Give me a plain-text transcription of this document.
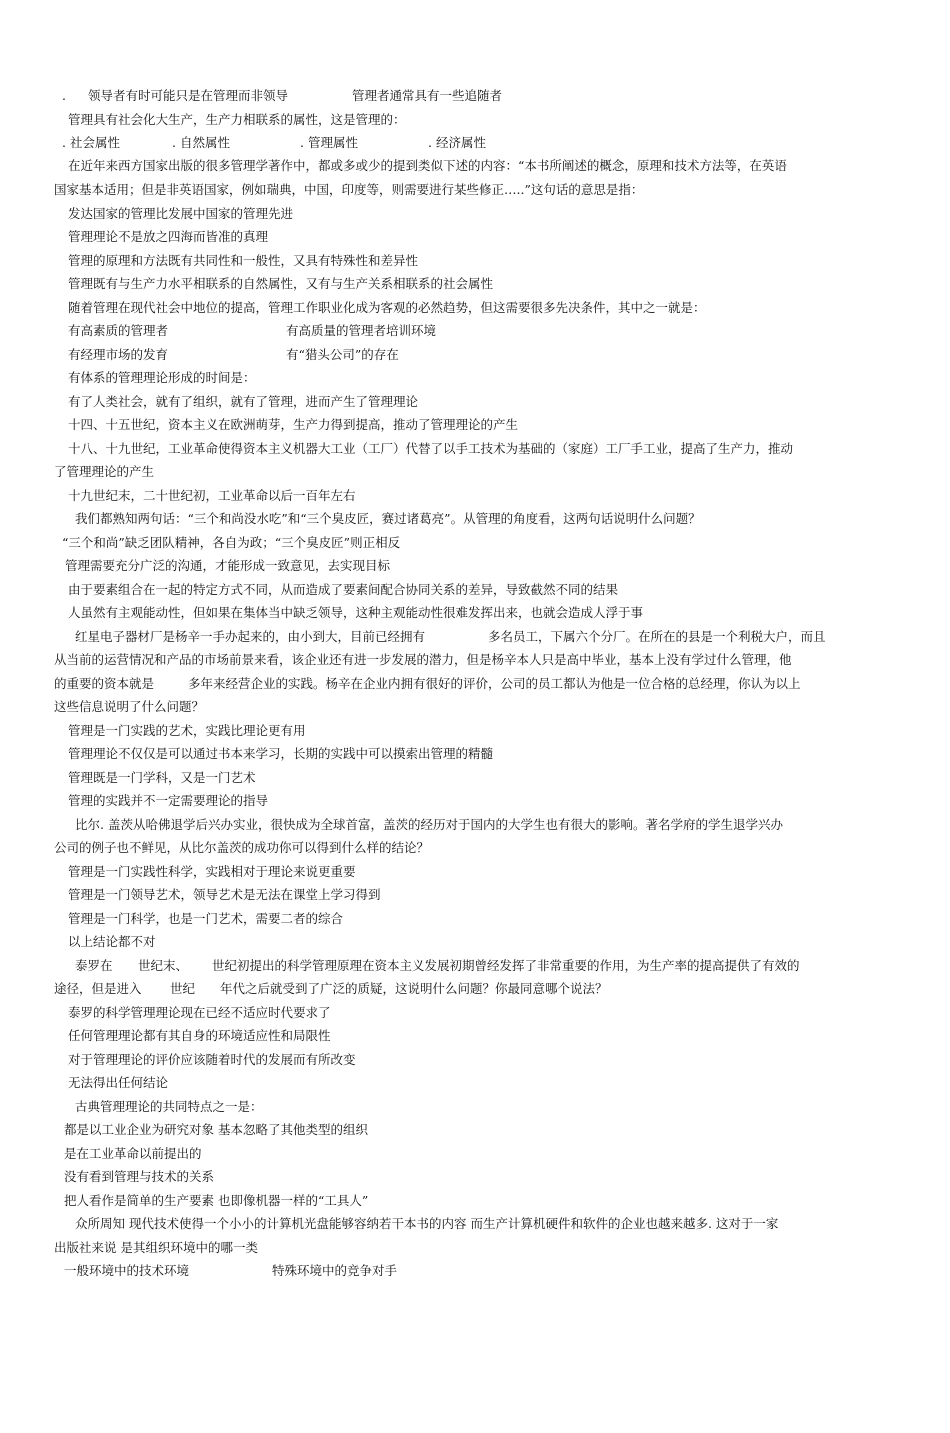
. 领导者有时可能只是在管理而非领导	管理者通常具有一些追随者
管理具有社会化大生产，生产力相联系的属性，这是管理的：
. 社会属性	. 自然属性	. 管理属性	. 经济属性
在近年来西方国家出版的很多管理学著作中，都或多或少的提到类似下述的内容：“本书所阐述的概念，原理和技术方法等，在英语
国家基本适用；但是非英语国家，例如瑞典，中国，印度等，则需要进行某些修正…..”这句话的意思是指：
发达国家的管理比发展中国家的管理先进
管理理论不是放之四海而皆准的真理
管理的原理和方法既有共同性和一般性，又具有特殊性和差异性
管理既有与生产力水平相联系的自然属性，又有与生产关系相联系的社会属性
随着管理在现代社会中地位的提高，管理工作职业化成为客观的必然趋势，但这需要很多先决条件，其中之一就是：
有高素质的管理者	有高质量的管理者培训环境
有经理市场的发育	有“猎头公司”的存在
有体系的管理理论形成的时间是：
有了人类社会，就有了组织，就有了管理，进而产生了管理理论
十四、十五世纪，资本主义在欧洲萌芽，生产力得到提高，推动了管理理论的产生
十八、十九世纪，工业革命使得资本主义机器大工业（工厂）代替了以手工技术为基础的（家庭）工厂手工业，提高了生产力，推动
了管理理论的产生
十九世纪末，二十世纪初，工业革命以后一百年左右
我们都熟知两句话：“三个和尚没水吃”和“三个臭皮匠，赛过诸葛亮”。从管理的角度看，这两句话说明什么问题？
“三个和尚”缺乏团队精神，各自为政；“三个臭皮匠”则正相反
管理需要充分广泛的沟通，才能形成一致意见，去实现目标
由于要素组合在一起的特定方式不同，从而造成了要素间配合协同关系的差异，导致截然不同的结果
人虽然有主观能动性，但如果在集体当中缺乏领导，这种主观能动性很难发挥出来，也就会造成人浮于事
红星电子器材厂是杨辛一手办起来的，由小到大，目前已经拥有	多名员工，下属六个分厂。在所在的县是一个利税大户，而且
从当前的运营情况和产品的市场前景来看，该企业还有进一步发展的潜力，但是杨辛本人只是高中毕业，基本上没有学过什么管理，他
的重要的资本就是	多年来经营企业的实践。杨辛在企业内拥有很好的评价，公司的员工都认为他是一位合格的总经理，你认为以上
这些信息说明了什么问题？
管理是一门实践的艺术，实践比理论更有用
管理理论不仅仅是可以通过书本来学习，长期的实践中可以摸索出管理的精髓
管理既是一门学科，又是一门艺术
管理的实践并不一定需要理论的指导
比尔. 盖茨从哈佛退学后兴办实业，很快成为全球首富，盖茨的经历对于国内的大学生也有很大的影响。著名学府的学生退学兴办
公司的例子也不鲜见，从比尔盖茨的成功你可以得到什么样的结论？
管理是一门实践性科学，实践相对于理论来说更重要
管理是一门领导艺术，领导艺术是无法在课堂上学习得到
管理是一门科学，也是一门艺术，需要二者的综合
以上结论都不对
泰罗在 世纪末、 世纪初提出的科学管理原理在资本主义发展初期曾经发挥了非常重要的作用，为生产率的提高提供了有效的
途径，但是进入 世纪 年代之后就受到了广泛的质疑，这说明什么问题？你最同意哪个说法？
泰罗的科学管理理论现在已经不适应时代要求了
任何管理理论都有其自身的环境适应性和局限性
对于管理理论的评价应该随着时代的发展而有所改变
无法得出任何结论
古典管理理论的共同特点之一是：
都是以工业企业为研究对象 基本忽略了其他类型的组织
是在工业革命以前提出的
没有看到管理与技术的关系
把人看作是简单的生产要素 也即像机器一样的“工具人”
众所周知 现代技术使得一个小小的计算机光盘能够容纳若干本书的内容 而生产计算机硬件和软件的企业也越来越多. 这对于一家
出版社来说 是其组织环境中的哪一类
一般环境中的技术环境	特殊环境中的竞争对手
